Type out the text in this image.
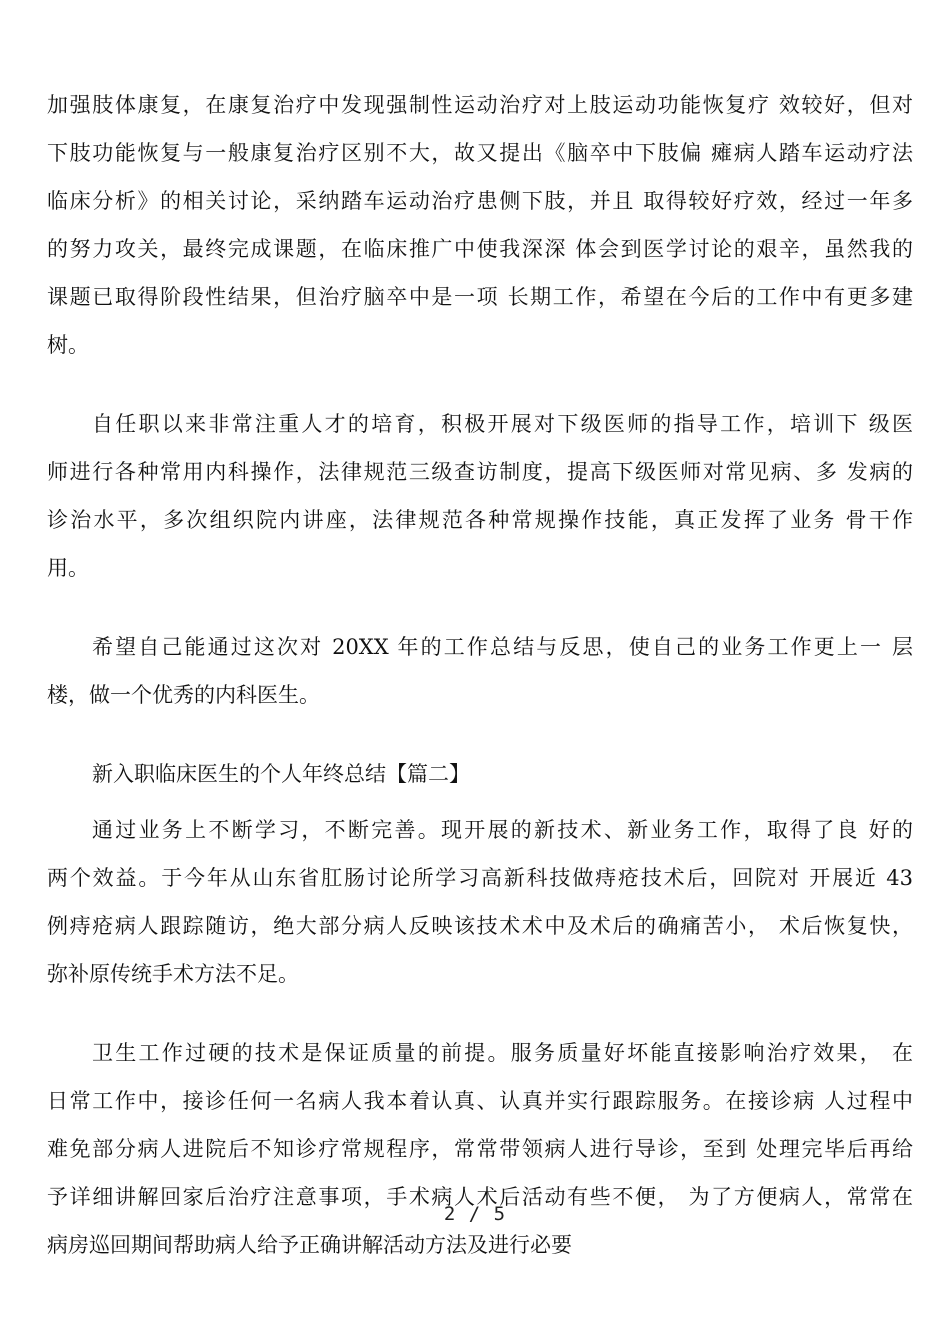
加强肢体康复，在康复治疗中发现强制性运动治疗对上肢运动功能恢复疗 效较好，但对
下肢功能恢复与一般康复治疗区别不大，故又提出《脑卒中下肢偏 瘫病人踏车运动疗法
临床分析》的相关讨论，采纳踏车运动治疗患侧下肢，并且 取得较好疗效，经过一年多
的努力攻关，最终完成课题，在临床推广中使我深深 体会到医学讨论的艰辛，虽然我的
课题已取得阶段性结果，但治疗脑卒中是一项 长期工作，希望在今后的工作中有更多建
树。
自任职以来非常注重人才的培育，积极开展对下级医师的指导工作，培训下 级医
师进行各种常用内科操作，法律规范三级查访制度，提高下级医师对常见病、多 发病的
诊治水平，多次组织院内讲座，法律规范各种常规操作技能，真正发挥了业务 骨干作
用。
希望自己能通过这次对 20XX 年的工作总结与反思，使自己的业务工作更上一 层
楼，做一个优秀的内科医生。
新入职临床医生的个人年终总结【篇二】
通过业务上不断学习，不断完善。现开展的新技术、新业务工作，取得了良 好的
两个效益。于今年从山东省肛肠讨论所学习高新科技做痔疮技术后，回院对 开展近 43
例痔疮病人跟踪随访，绝大部分病人反映该技术术中及术后的确痛苦小， 术后恢复快，
弥补原传统手术方法不足。
卫生工作过硬的技术是保证质量的前提。服务质量好坏能直接影响治疗效果， 在
日常工作中，接诊任何一名病人我本着认真、认真并实行跟踪服务。在接诊病 人过程中
难免部分病人进院后不知诊疗常规程序，常常带领病人进行导诊，至到 处理完毕后再给
予详细讲解回家后治疗注意事项，手术病人术后活动有些不便， 为了方便病人，常常在
病房巡回期间帮助病人给予正确讲解活动方法及进行必要
2 / 5
